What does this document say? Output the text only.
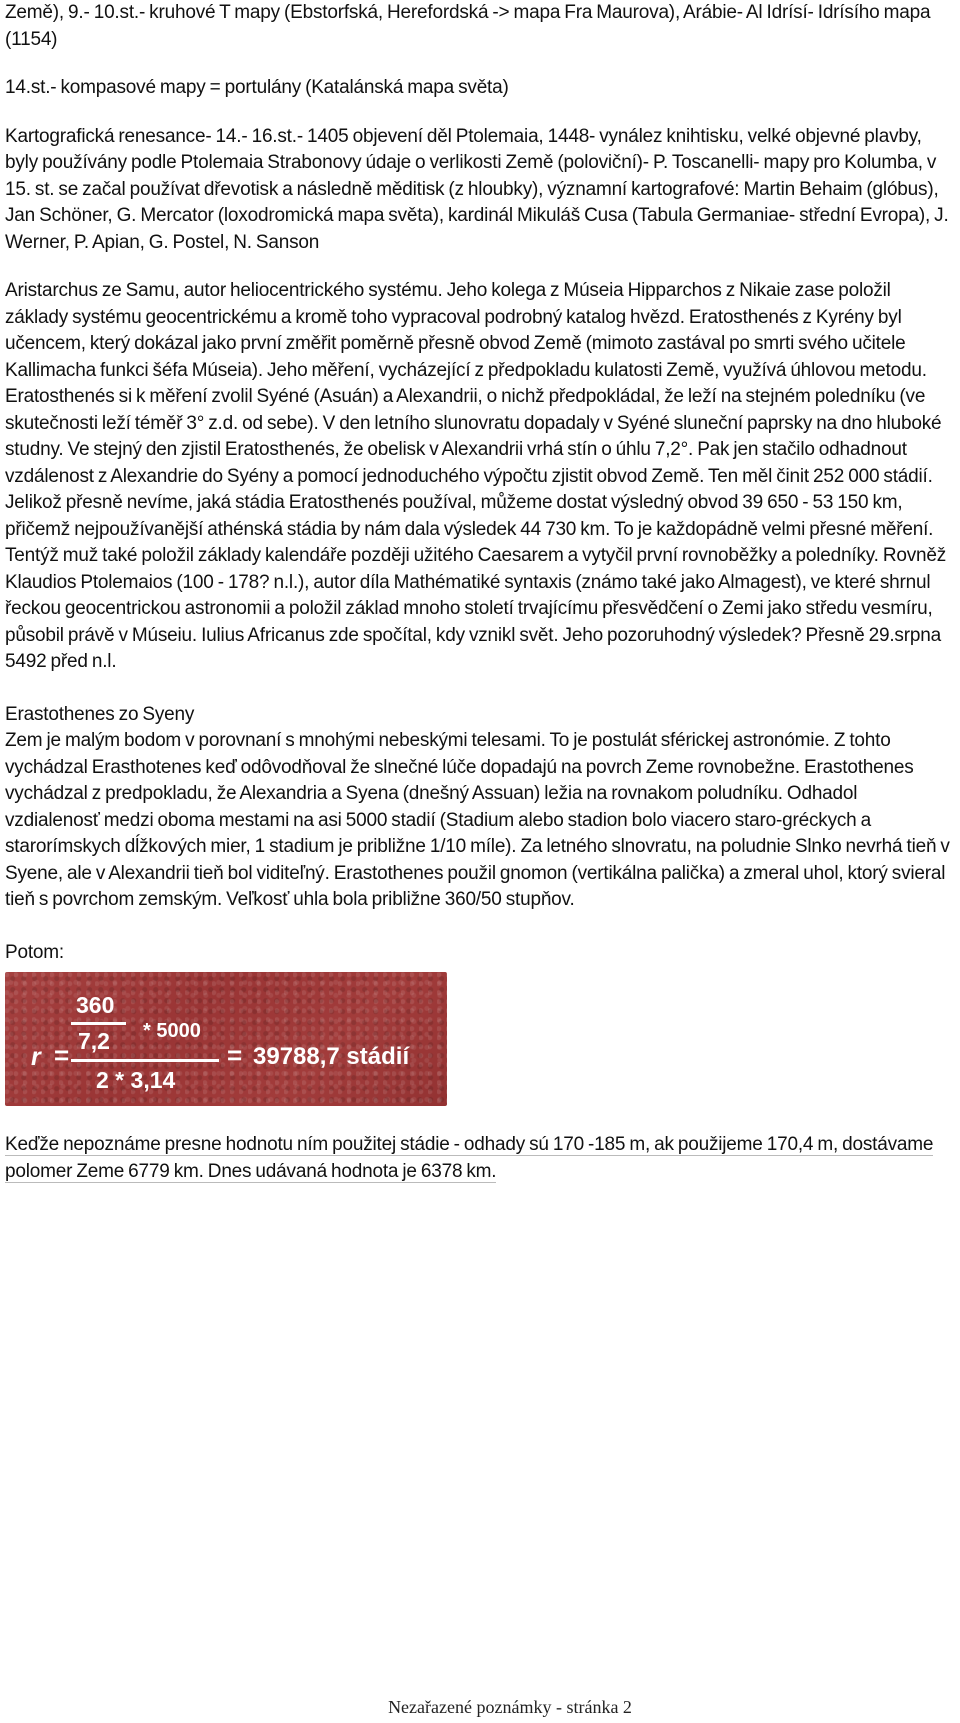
Země), 9.- 10.st.- kruhové T mapy (Ebstorfská, Herefordská -> mapa Fra Maurova), Arábie- Al Idrísí- Idrísího mapa (1154)

14.st.- kompasové mapy = portulány (Katalánská mapa světa)

Kartografická renesance- 14.- 16.st.- 1405 objevení děl Ptolemaia, 1448- vynález knihtisku, velké objevné plavby, byly používány podle Ptolemaia Strabonovy údaje o verlikosti Země (poloviční)- P. Toscanelli- mapy pro Kolumba, v 15. st. se začal používat dřevotisk a následně měditisk (z hloubky), významní kartografové: Martin Behaim (glóbus), Jan Schöner, G. Mercator (loxodromická mapa světa), kardinál Mikuláš Cusa (Tabula Germaniae- střední Evropa), J. Werner, P. Apian, G. Postel, N. Sanson

Aristarchus ze Samu, autor heliocentrického systému. Jeho kolega z Múseia Hipparchos z Nikaie zase položil základy systému geocentrickému a kromě toho vypracoval podrobný katalog hvězd. Eratosthenés z Kyrény byl učencem, který dokázal jako první změřit poměrně přesně obvod Země (mimoto zastával po smrti svého učitele Kallimacha funkci šéfa Múseia). Jeho měření, vycházející z předpokladu kulatosti Země, využívá úhlovou metodu. Eratosthenés si k měření zvolil Syéné (Asuán) a Alexandrii, o nichž předpokládal, že leží na stejném poledníku (ve skutečnosti leží téměř 3° z.d. od sebe). V den letního slunovratu dopadaly v Syéné sluneční paprsky na dno hluboké studny. Ve stejný den zjistil Eratosthenés, že obelisk v Alexandrii vrhá stín o úhlu 7,2°. Pak jen stačilo odhadnout vzdálenost z Alexandrie do Syény a pomocí jednoduchého výpočtu zjistit obvod Země. Ten měl činit 252 000 stádií. Jelikož přesně nevíme, jaká stádia Eratosthenés používal, můžeme dostat výsledný obvod 39 650 - 53 150 km, přičemž nejpoužívanější athénská stádia by nám dala výsledek 44 730 km. To je každopádně velmi přesné měření. Tentýž muž také položil základy kalendáře později užitého Caesarem a vytyčil první rovnoběžky a poledníky. Rovněž Klaudios Ptolemaios (100 - 178? n.l.), autor díla Mathématiké syntaxis (známo také jako Almagest), ve které shrnul řeckou geocentrickou astronomii a položil základ mnoho století trvajícímu přesvědčení o Zemi jako středu vesmíru, působil právě v Múseiu. Iulius Africanus zde spočítal, kdy vznikl svět. Jeho pozoruhodný výsledek? Přesně 29.srpna 5492 před n.l.

Erastothenes zo Syeny

Zem je malým bodom v porovnaní s mnohými nebeskými telesami. To je postulát sférickej astronómie. Z tohto vychádzal Erasthotenes keď odôvodňoval že slnečné lúče dopadajú na povrch Zeme rovnobežne. Erastothenes vychádzal z predpokladu, že Alexandria a Syena (dnešný Assuan) ležia na rovnakom poludníku. Odhadol vzdialenosť medzi oboma mestami na asi 5000 stadií (Stadium alebo stadion bolo viacero staro-gréckych a starorímskych dĺžkových mier, 1 stadium je približne 1/10 míle). Za letného slnovratu, na poludnie Slnko nevrhá tieň v Syene, ale v Alexandrii tieň bol viditeľný. Erastothenes použil gnomon (vertikálna palička) a zmeral uhol, ktorý svieral tieň s povrchom zemským. Veľkosť uhla bola približne 360/50 stupňov.

Potom:

360
* 5000
7,2
r =
2 * 3,14
= 39788,7 stádií

Keďže nepoznáme presne hodnotu ním použitej stádie - odhady sú 170 -185 m, ak použijeme 170,4 m, dostávame polomer Zeme 6779 km. Dnes udávaná hodnota je 6378 km.

Nezařazené poznámky - stránka 2
